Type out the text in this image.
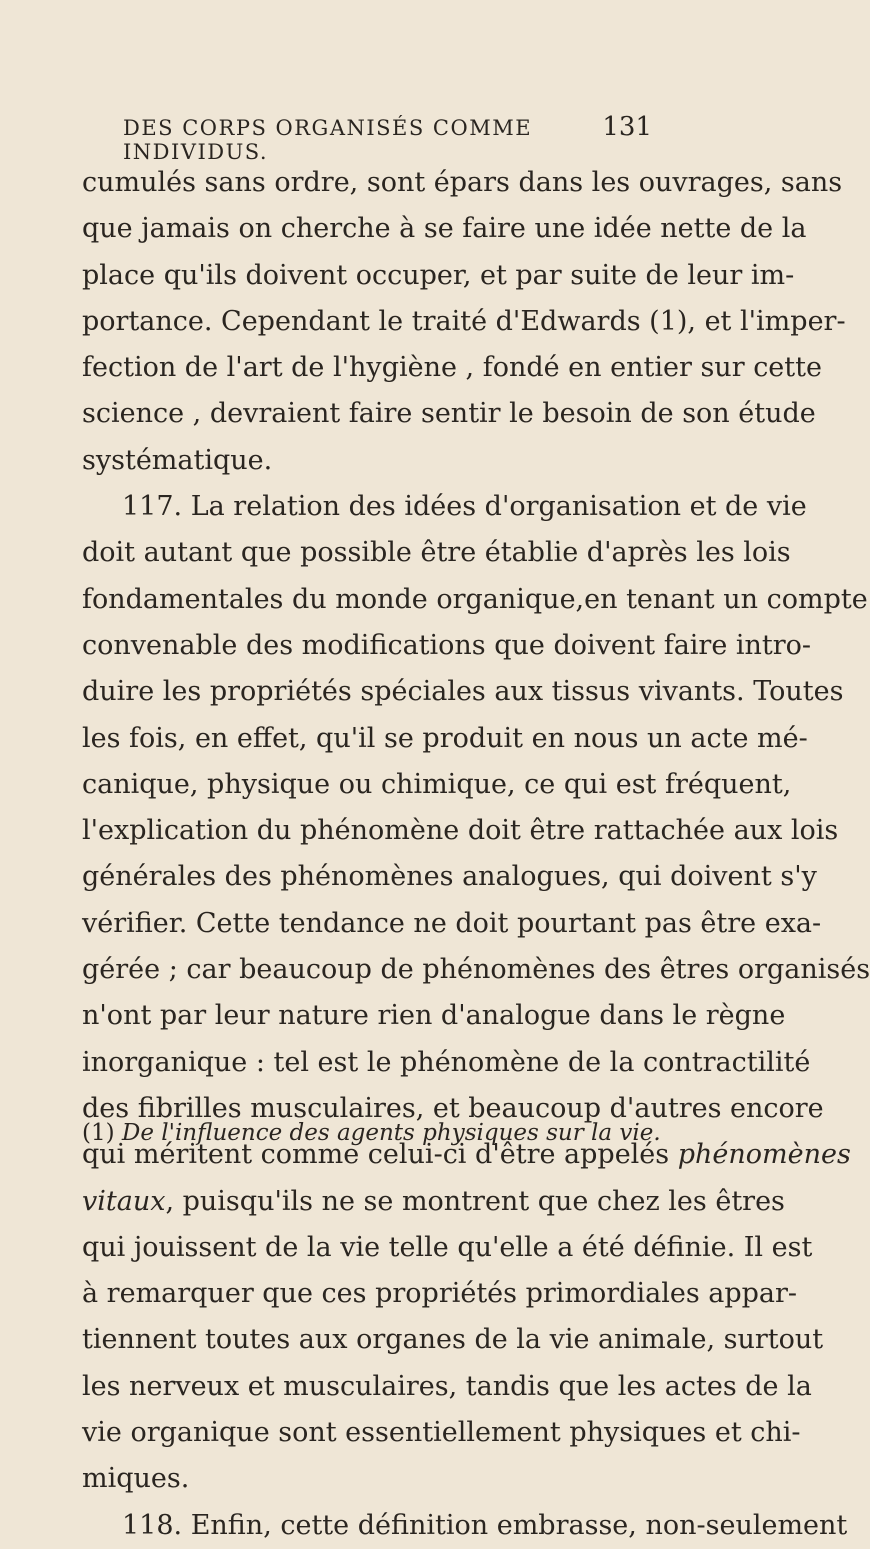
DES CORPS ORGANISÉS COMME INDIVIDUS.
131
cumulés sans ordre, sont épars dans les ouvrages, sans
que jamais on cherche à se faire une idée nette de la
place qu'ils doivent occuper, et par suite de leur im-
portance. Cependant le traité d'Edwards (1), et l'imper-
fection de l'art de l'hygiène , fondé en entier sur cette
science , devraient faire sentir le besoin de son étude
systématique.
117. La relation des idées d'organisation et de vie
doit autant que possible être établie d'après les lois
fondamentales du monde organique,en tenant un compte
convenable des modifications que doivent faire intro-
duire les propriétés spéciales aux tissus vivants. Toutes
les fois, en effet, qu'il se produit en nous un acte mé-
canique, physique ou chimique, ce qui est fréquent,
l'explication du phénomène doit être rattachée aux lois
générales des phénomènes analogues, qui doivent s'y
vérifier. Cette tendance ne doit pourtant pas être exa-
gérée ; car beaucoup de phénomènes des êtres organisés
n'ont par leur nature rien d'analogue dans le règne
inorganique : tel est le phénomène de la contractilité
des fibrilles musculaires, et beaucoup d'autres encore
qui méritent comme celui-ci d'être appelés phénomènes
vitaux, puisqu'ils ne se montrent que chez les êtres
qui jouissent de la vie telle qu'elle a été définie. Il est
à remarquer que ces propriétés primordiales appar-
tiennent toutes aux organes de la vie animale, surtout
les nerveux et musculaires, tandis que les actes de la
vie organique sont essentiellement physiques et chi-
miques.
118. Enfin, cette définition embrasse, non-seulement
(1) De l'influence des agents physiques sur la vie.
